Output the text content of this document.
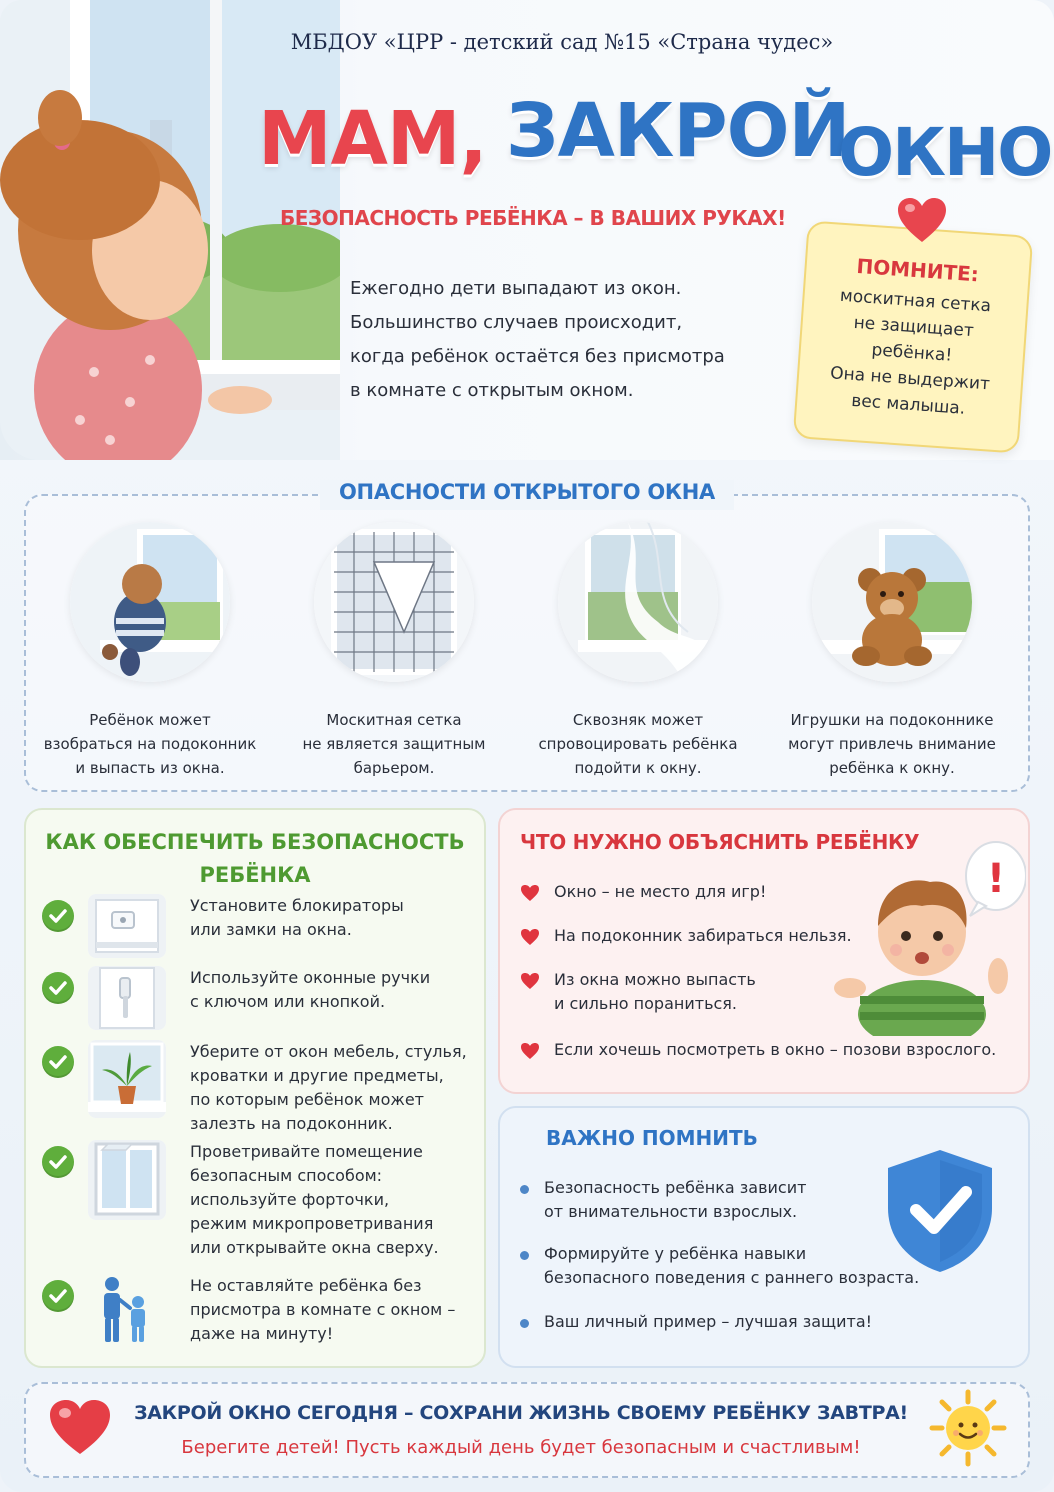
МБДОУ «ЦРР - детский сад №15 «Страна чудес»
МАМ, ЗАКРОЙ
ОКНО
БЕЗОПАСНОСТЬ РЕБЁНКА – В ВАШИХ РУКАХ!
Ежегодно дети выпадают из окон.
Большинство случаев происходит,
когда ребёнок остаётся без присмотра
в комнате с открытым окном.
ПОМНИТЕ:
москитная сетка
не защищает
ребёнка!
Она не выдержит
вес малыша.
ОПАСНОСТИ ОТКРЫТОГО ОКНА
Ребёнок может
взобраться на подоконник
и выпасть из окна.
Москитная сетка
не является защитным
барьером.
Сквозняк может
спровоцировать ребёнка
подойти к окну.
Игрушки на подоконнике
могут привлечь внимание
ребёнка к окну.
КАК ОБЕСПЕЧИТЬ БЕЗОПАСНОСТЬ
РЕБЁНКА
Установите блокираторы
или замки на окна.
Используйте оконные ручки
с ключом или кнопкой.
Уберите от окон мебель, стулья,
кроватки и другие предметы,
по которым ребёнок может
залезть на подоконник.
Проветривайте помещение
безопасным способом:
используйте форточки,
режим микропроветривания
или открывайте окна сверху.
Не оставляйте ребёнка без
присмотра в комнате с окном –
даже на минуту!
ЧТО НУЖНО ОБЪЯСНИТЬ РЕБЁНКУ
Окно – не место для игр!
На подоконник забираться нельзя.
Из окна можно выпасть
и сильно пораниться.
Если хочешь посмотреть в окно – позови взрослого.
!
ВАЖНО ПОМНИТЬ
Безопасность ребёнка зависит
от внимательности взрослых.
Формируйте у ребёнка навыки
безопасного поведения с раннего возраста.
Ваш личный пример – лучшая защита!
ЗАКРОЙ ОКНО СЕГОДНЯ – СОХРАНИ ЖИЗНЬ СВОЕМУ РЕБЁНКУ ЗАВТРА!
Берегите детей! Пусть каждый день будет безопасным и счастливым!
